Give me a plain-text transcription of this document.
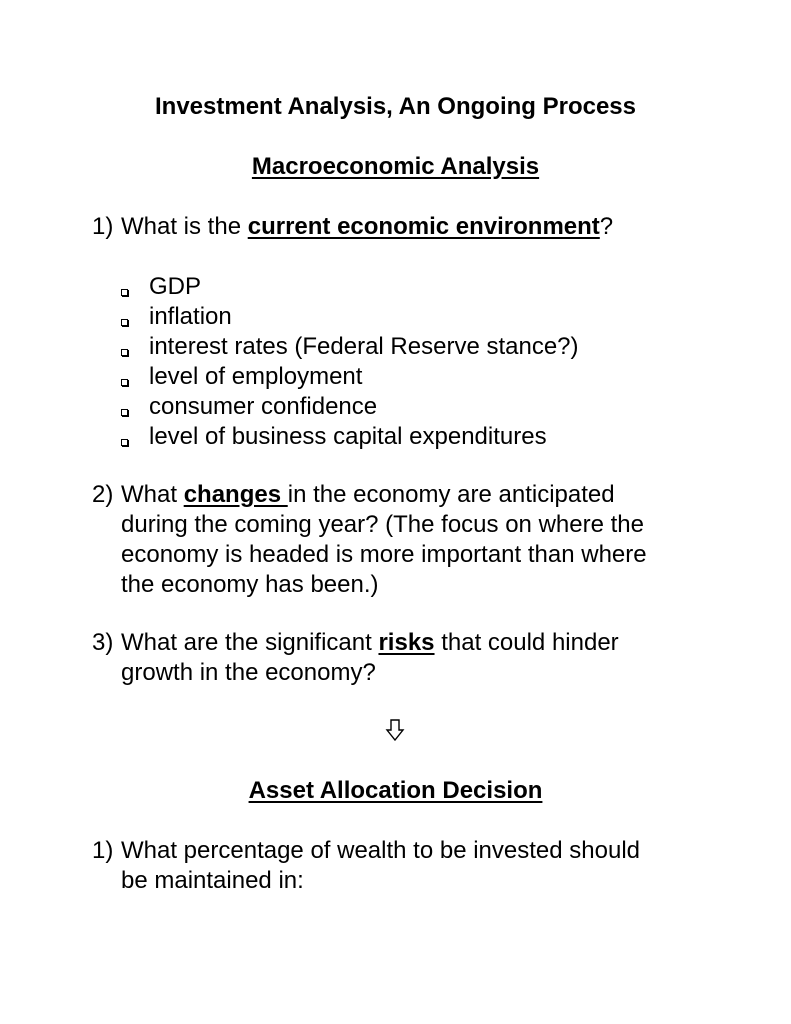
Investment Analysis, An Ongoing Process
Macroeconomic Analysis
1) What is the current economic environment?
GDP
inflation
interest rates (Federal Reserve stance?)
level of employment
consumer confidence
level of business capital expenditures
2) What changes in the economy are anticipated
during the coming year? (The focus on where the
economy is headed is more important than where
the economy has been.)
3) What are the significant risks that could hinder
growth in the economy?
Asset Allocation Decision
1) What percentage of wealth to be invested should
be maintained in:
